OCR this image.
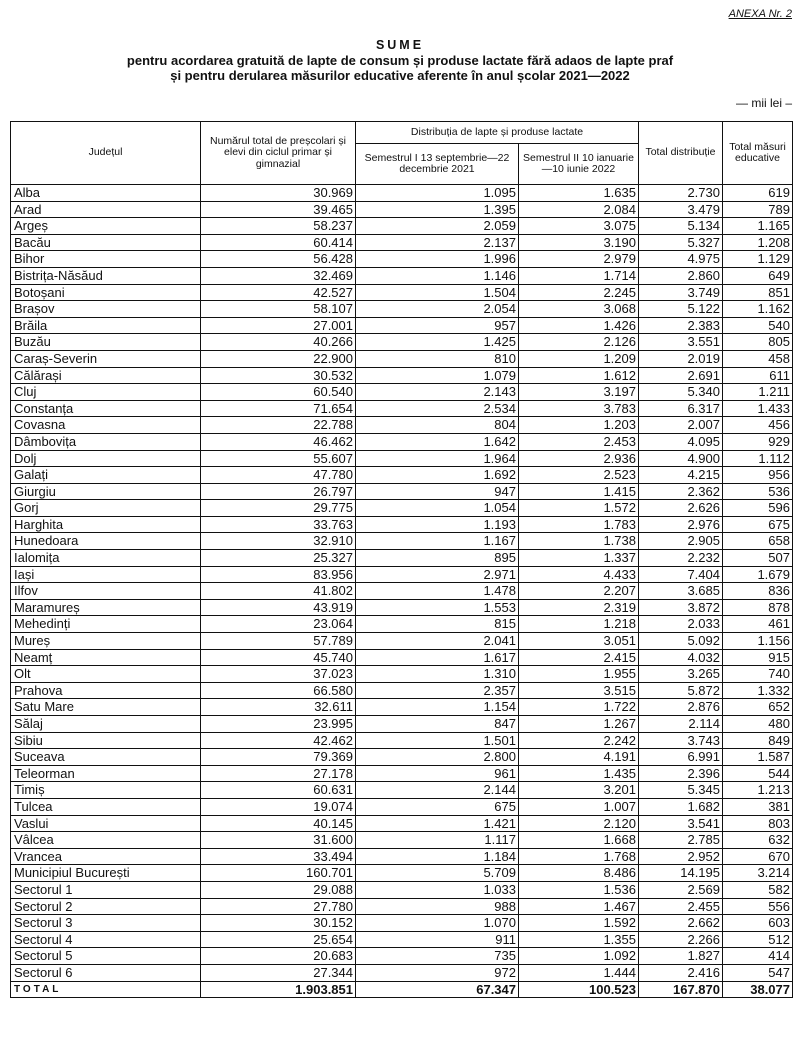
ANEXA Nr. 2
SUME
pentru acordarea gratuită de lapte de consum și produse lactate fără adaos de lapte praf
și pentru derularea măsurilor educative aferente în anul școlar 2021—2022
— mii lei –
Județul	Numărul total de preșcolari și elevi din ciclul primar și gimnazial	Distribuția de lapte și produse lactate		Total distribuție	Total măsuri educative
		Semestrul I 13 septembrie—22 decembrie 2021	Semestrul II 10 ianuarie—10 iunie 2022		
Alba	30.969	1.095	1.635	2.730	619
Arad	39.465	1.395	2.084	3.479	789
Argeș	58.237	2.059	3.075	5.134	1.165
Bacău	60.414	2.137	3.190	5.327	1.208
Bihor	56.428	1.996	2.979	4.975	1.129
Bistrița-Năsăud	32.469	1.146	1.714	2.860	649
Botoșani	42.527	1.504	2.245	3.749	851
Brașov	58.107	2.054	3.068	5.122	1.162
Brăila	27.001	957	1.426	2.383	540
Buzău	40.266	1.425	2.126	3.551	805
Caraș-Severin	22.900	810	1.209	2.019	458
Călărași	30.532	1.079	1.612	2.691	611
Cluj	60.540	2.143	3.197	5.340	1.211
Constanța	71.654	2.534	3.783	6.317	1.433
Covasna	22.788	804	1.203	2.007	456
Dâmbovița	46.462	1.642	2.453	4.095	929
Dolj	55.607	1.964	2.936	4.900	1.112
Galați	47.780	1.692	2.523	4.215	956
Giurgiu	26.797	947	1.415	2.362	536
Gorj	29.775	1.054	1.572	2.626	596
Harghita	33.763	1.193	1.783	2.976	675
Hunedoara	32.910	1.167	1.738	2.905	658
Ialomița	25.327	895	1.337	2.232	507
Iași	83.956	2.971	4.433	7.404	1.679
Ilfov	41.802	1.478	2.207	3.685	836
Maramureș	43.919	1.553	2.319	3.872	878
Mehedinți	23.064	815	1.218	2.033	461
Mureș	57.789	2.041	3.051	5.092	1.156
Neamț	45.740	1.617	2.415	4.032	915
Olt	37.023	1.310	1.955	3.265	740
Prahova	66.580	2.357	3.515	5.872	1.332
Satu Mare	32.611	1.154	1.722	2.876	652
Sălaj	23.995	847	1.267	2.114	480
Sibiu	42.462	1.501	2.242	3.743	849
Suceava	79.369	2.800	4.191	6.991	1.587
Teleorman	27.178	961	1.435	2.396	544
Timiș	60.631	2.144	3.201	5.345	1.213
Tulcea	19.074	675	1.007	1.682	381
Vaslui	40.145	1.421	2.120	3.541	803
Vâlcea	31.600	1.117	1.668	2.785	632
Vrancea	33.494	1.184	1.768	2.952	670
Municipiul București	160.701	5.709	8.486	14.195	3.214
Sectorul 1	29.088	1.033	1.536	2.569	582
Sectorul 2	27.780	988	1.467	2.455	556
Sectorul 3	30.152	1.070	1.592	2.662	603
Sectorul 4	25.654	911	1.355	2.266	512
Sectorul 5	20.683	735	1.092	1.827	414
Sectorul 6	27.344	972	1.444	2.416	547
TOTAL	1.903.851	67.347	100.523	167.870	38.077
